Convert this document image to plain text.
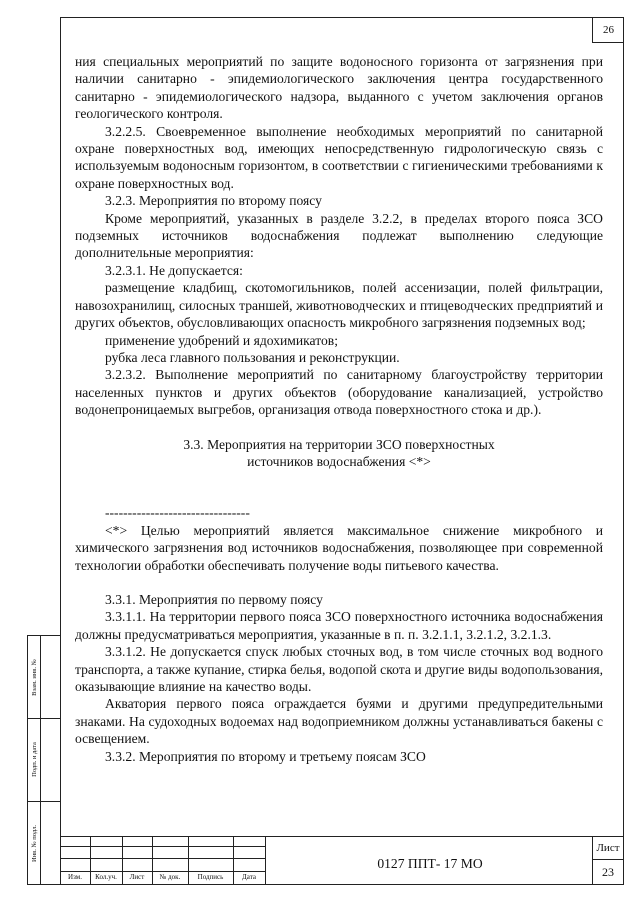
26

ния специальных мероприятий по защите водоносного горизонта от загрязнения при наличии санитарно - эпидемиологического заключения центра государственного санитарно - эпидемиологического надзора, выданного с учетом заключения органов геологического контроля.

3.2.2.5. Своевременное выполнение необходимых мероприятий по санитарной охране поверхностных вод, имеющих непосредственную гидрологическую связь с используемым водоносным горизонтом, в соответствии с гигиеническими требованиями к охране поверхностных вод.

3.2.3. Мероприятия по второму поясу

Кроме мероприятий, указанных в разделе 3.2.2, в пределах второго пояса ЗСО подземных источников водоснабжения подлежат выполнению следующие дополнительные мероприятия:

3.2.3.1. Не допускается:

размещение кладбищ, скотомогильников, полей ассенизации, полей фильтрации, навозохранилищ, силосных траншей, животноводческих и птицеводческих предприятий и других объектов, обусловливающих опасность микробного загрязнения подземных вод;

применение удобрений и ядохимикатов;

рубка леса главного пользования и реконструкции.

3.2.3.2. Выполнение мероприятий по санитарному благоустройству территории населенных пунктов и других объектов (оборудование канализацией, устройство водонепроницаемых выгребов, организация отвода поверхностного стока и др.).

3.3. Мероприятия на территории ЗСО поверхностных

источников водоснабжения <*>

--------------------------------

<*> Целью мероприятий является максимальное снижение микробного и химического загрязнения вод источников водоснабжения, позволяющее при современной технологии обработки обеспечивать получение воды питьевого качества.

3.3.1. Мероприятия по первому поясу

3.3.1.1. На территории первого пояса ЗСО поверхностного источника водоснабжения должны предусматриваться мероприятия, указанные в п. п. 3.2.1.1, 3.2.1.2, 3.2.1.3.

3.3.1.2. Не допускается спуск любых сточных вод, в том числе сточных вод водного транспорта, а также купание, стирка белья, водопой скота и другие виды водопользования, оказывающие влияние на качество воды.

Акватория первого пояса ограждается буями и другими предупредительными знаками. На судоходных водоемах над водоприемником должны устанавливаться бакены с освещением.

3.3.2. Мероприятия по второму и третьему поясам ЗСО

Взам. инв. №
Подп. и дата
Инв. № подл.
Изм.	Кол.уч.	Лист	№ док.	Подпись	Дата
0127 ППТ- 17 МО
Лист
23
